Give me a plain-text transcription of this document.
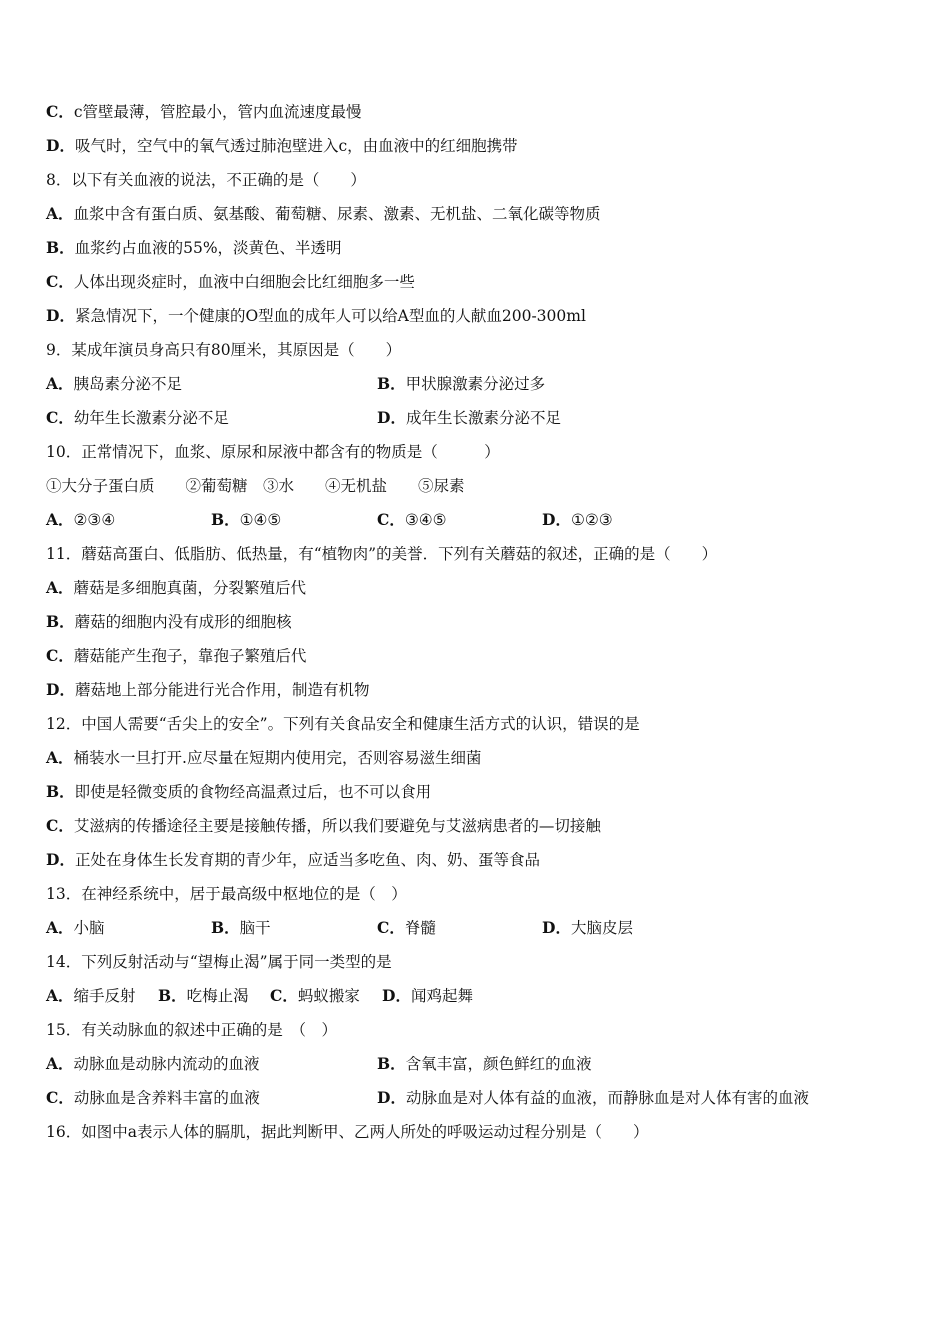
C．c管壁最薄，管腔最小，管内血流速度最慢
D．吸气时，空气中的氧气透过肺泡壁进入c，由血液中的红细胞携带
8．以下有关血液的说法，不正确的是（　　）
A．血浆中含有蛋白质、氨基酸、葡萄糖、尿素、激素、无机盐、二氧化碳等物质
B．血浆约占血液的55%，淡黄色、半透明
C．人体出现炎症时，血液中白细胞会比红细胞多一些
D．紧急情况下，一个健康的O型血的成年人可以给A型血的人献血200-300ml
9．某成年演员身高只有80厘米，其原因是（　　）
A．胰岛素分泌不足	B．甲状腺激素分泌过多
C．幼年生长激素分泌不足	D．成年生长激素分泌不足
10．正常情况下，血浆、原尿和尿液中都含有的物质是（　　　）
①大分子蛋白质　　②葡萄糖　③水　　④无机盐　　⑤尿素
A．②③④	B．①④⑤	C．③④⑤	D．①②③
11．蘑菇高蛋白、低脂肪、低热量，有“植物肉”的美誉．下列有关蘑菇的叙述，正确的是（　　）
A．蘑菇是多细胞真菌，分裂繁殖后代
B．蘑菇的细胞内没有成形的细胞核
C．蘑菇能产生孢子，靠孢子繁殖后代
D．蘑菇地上部分能进行光合作用，制造有机物
12．中国人需要“舌尖上的安全”。下列有关食品安全和健康生活方式的认识，错误的是
A．桶装水一旦打开.应尽量在短期内使用完，否则容易滋生细菌
B．即使是轻微变质的食物经高温煮过后，也不可以食用
C．艾滋病的传播途径主要是接触传播，所以我们要避免与艾滋病患者的—切接触
D．正处在身体生长发育期的青少年，应适当多吃鱼、肉、奶、蛋等食品
13．在神经系统中，居于最高级中枢地位的是（　）
A．小脑	B．脑干	C．脊髓	D．大脑皮层
14．下列反射活动与“望梅止渴”属于同一类型的是
A．缩手反射 B．吃梅止渴 C．蚂蚁搬家 D．闻鸡起舞
15．有关动脉血的叙述中正确的是　（　）
A．动脉血是动脉内流动的血液	B．含氧丰富，颜色鲜红的血液
C．动脉血是含养料丰富的血液	D．动脉血是对人体有益的血液，而静脉血是对人体有害的血液
16．如图中a表示人体的膈肌，据此判断甲、乙两人所处的呼吸运动过程分别是（　　）
